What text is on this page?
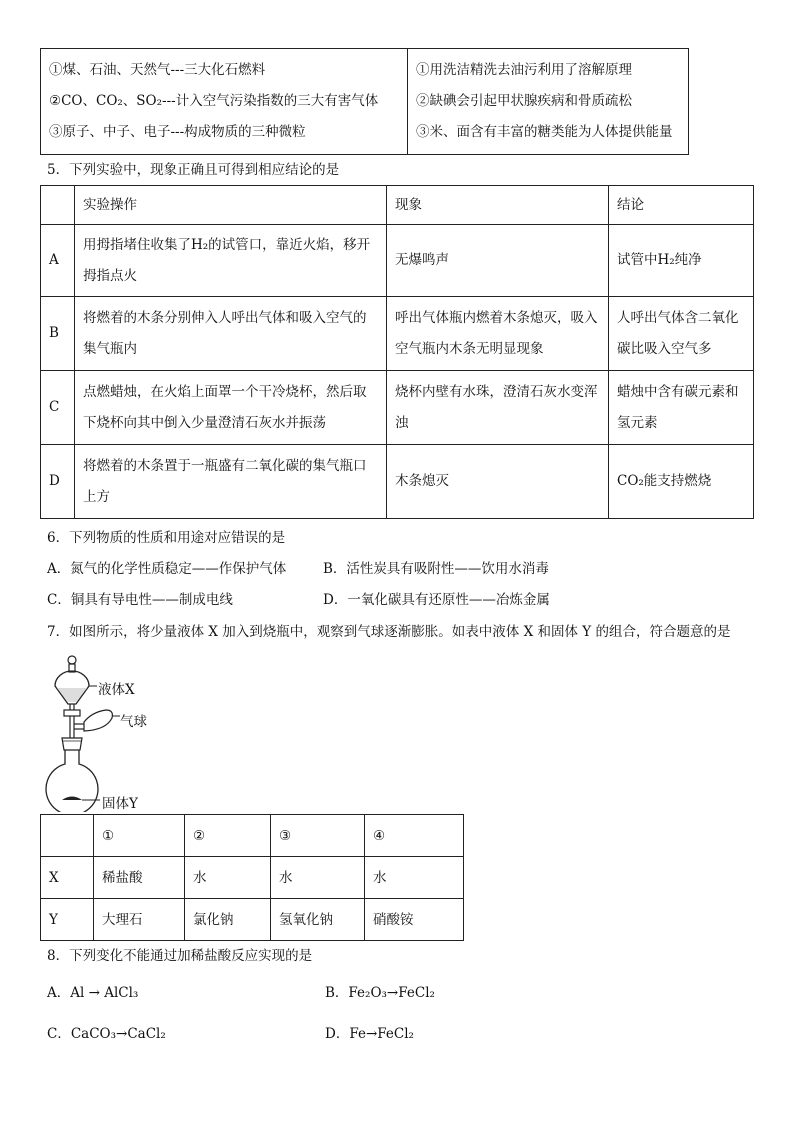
①煤、石油、天然气---三大化石燃料
②CO、CO₂、SO₂---计入空气污染指数的三大有害气体
③原子、中子、电子---构成物质的三种微粒

①用洗洁精洗去油污利用了溶解原理
②缺碘会引起甲状腺疾病和骨质疏松
③米、面含有丰富的糖类能为人体提供能量
5．下列实验中，现象正确且可得到相应结论的是
	实验操作	现象	结论
A	用拇指堵住收集了H₂的试管口，靠近火焰，移开拇指点火	无爆鸣声	试管中H₂纯净
B	将燃着的木条分别伸入人呼出气体和吸入空气的集气瓶内	呼出气体瓶内燃着木条熄灭，吸入空气瓶内木条无明显现象	人呼出气体含二氧化碳比吸入空气多
C	点燃蜡烛，在火焰上面罩一个干冷烧杯，然后取下烧杯向其中倒入少量澄清石灰水并振荡	烧杯内壁有水珠，澄清石灰水变浑浊	蜡烛中含有碳元素和氢元素
D	将燃着的木条置于一瓶盛有二氧化碳的集气瓶口上方	木条熄灭	CO₂能支持燃烧
6．下列物质的性质和用途对应错误的是
A．氮气的化学性质稳定——作保护气体	B．活性炭具有吸附性——饮用水消毒
C．铜具有导电性——制成电线	D．一氧化碳具有还原性——冶炼金属
7．如图所示，将少量液体 X 加入到烧瓶中，观察到气球逐渐膨胀。如表中液体 X 和固体 Y 的组合，符合题意的是
液体X
气球
固体Y
	①	②	③	④
X	稀盐酸	水	水	水
Y	大理石	氯化钠	氢氧化钠	硝酸铵
8．下列变化不能通过加稀盐酸反应实现的是
A．Al → AlCl₃	B．Fe₂O₃→FeCl₂
C．CaCO₃→CaCl₂	D．Fe→FeCl₂
